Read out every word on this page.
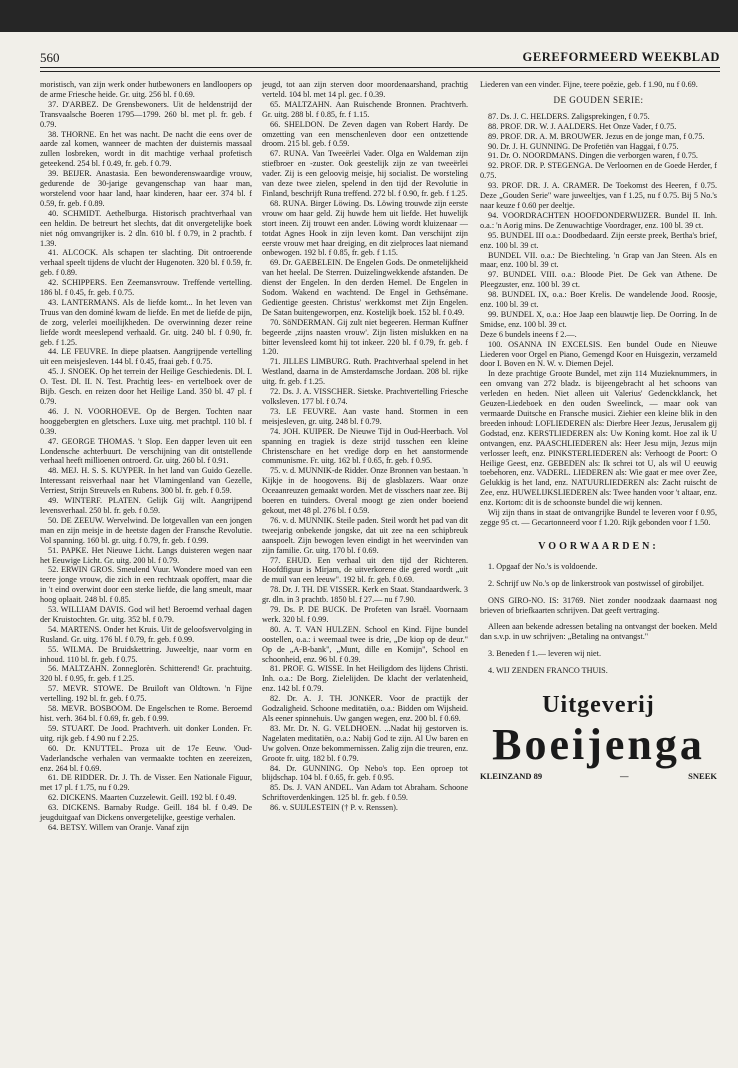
560	GEREFORMEERD WEEKBLAD

moristisch, van zijn werk onder hutbewoners en landloopers op de arme Friesche heide. Gr. uitg. 256 bl. f 0.69.

37. D'ARBEZ. De Grensbewoners. Uit de heldenstrijd der Transvaalsche Boeren 1795—1799. 260 bl. met pl. fr. geb. f 0.79.

38. THORNE. En het was nacht. De nacht die eens over de aarde zal komen, wanneer de machten der duisternis massaal zullen losbreken, wordt in dit machtige verhaal profetisch geteekend. 254 bl. f 0.49, fr. geb. f 0.79.

39. BEIJER. Anastasia. Een bewonderenswaardige vrouw, gedurende de 30-jarige gevangenschap van haar man, worstelend voor haar land, haar kinderen, haar eer. 374 bl. f 0.59, fr. geb. f 0.89.

40. SCHMIDT. Aethelburga. Historisch prachtverhaal van een heldin. De betreurt het slechts, dat dit onvergetelijke boek niet nóg omvangrijker is. 2 dln. 610 bl. f 0.79, in 2 prachtb. f 1.39.

41. ALCOCK. Als schapen ter slachting. Dit ontroerende verhaal speelt tijdens de vlucht der Hugenoten. 320 bl. f 0.59, fr. geb. f 0.89.

42. SCHIPPERS. Een Zeemansvrouw. Treffende vertelling. 186 bl. f 0.45, fr. geb. f 0.75.

43. LANTERMANS. Als de liefde komt... In het leven van Truus van den dominé kwam de liefde. En met de liefde de pijn, de zorg, velerlei moeilijkheden. De overwinning dezer reine liefde wordt meeslepend verhaald. Gr. uitg. 240 bl. f 0.90, fr. geb. f 1.25.

44. LE FEUVRE. In diepe plaatsen. Aangrijpende vertelling uit een meisjesleven. 144 bl. f 0.45, fraai geb. f 0.75.

45. J. SNOEK. Op het terrein der Heilige Geschiedenis. Dl. I. O. Test. Dl. II. N. Test. Prachtig lees- en vertelboek over de Bijb. Gesch. en reizen door het Heilige Land. 350 bl. 47 pl. f 0.79.

46. J. N. VOORHOEVE. Op de Bergen. Tochten naar hooggebergten en gletschers. Luxe uitg. met prachtpl. 110 bl. f 0.39.

47. GEORGE THOMAS. 't Slop. Een dapper leven uit een Londensche achterbuurt. De verschijning van dit ontstellende verhaal heeft millioenen ontroerd. Gr. uitg. 260 bl. f 0.91.

48. MEJ. H. S. S. KUYPER. In het land van Guido Gezelle. Interessant reisverhaal naar het Vlamingenland van Gezelle, Verriest, Strijn Streuvels en Rubens. 300 bl. fr. geb. f 0.59.

49. WINTERF. PLATEN. Gelijk Gij wilt. Aangrijpend levensverhaal. 250 bl. fr. geb. f 0.59.

50. DE ZEEUW. Wervelwind. De lotgevallen van een jongen man en zijn meisje in de heetste dagen der Fransche Revolutie. Vol spanning. 160 bl. gr. uitg. f 0.79, fr. geb. f 0.99.

51. PAPKE. Het Nieuwe Licht. Langs duisteren wegen naar het Eeuwige Licht. Gr. uitg. 200 bl. f 0.79.

52. ERWIN GROS. Smeulend Vuur. Wondere moed van een teere jonge vrouw, die zich in een rechtzaak opoffert, maar die in 't eind overwint door een sterke liefde, die lang smeult, maar hoog oplaait. 248 bl. f 0.85.

53. WILLIAM DAVIS. God wil het! Beroemd verhaal dagen der Kruistochten. Gr. uitg. 352 bl. f 0.79.

54. MARTENS. Onder het Kruis. Uit de geloofsvervolging in Rusland. Gr. uitg. 176 bl. f 0.79, fr. geb. f 0.99.

55. WILMA. De Bruidskettring. Juweeltje, naar vorm en inhoud. 110 bl. fr. geb. f 0.75.

56. MALTZAHN. Zonneglorèn. Schitterend! Gr. prachtuitg. 320 bl. f 0.95, fr. geb. f 1.25.

57. MEVR. STOWE. De Bruiloft van Oldtown. 'n Fijne vertelling. 192 bl. fr. geb. f 0.75.

58. MEVR. BOSBOOM. De Engelschen te Rome. Beroemd hist. verh. 364 bl. f 0.69, fr. geb. f 0.99.

59. STUART. De Jood. Prachtverh. uit donker Londen. Fr. uitg. rijk geb. f 4.90 nu f 2.25.

60. Dr. KNUTTEL. Proza uit de 17e Eeuw. 'Oud-Vaderlandsche verhalen van vermaakte tochten en zeereizen, enz. 264 bl. f 0.69.

61. DE RIDDER. Dr. J. Th. de Visser. Een Nationale Figuur, met 17 pl. f 1.75, nu f 0.29.

62. DICKENS. Maarten Cuzzelewit. Geill. 192 bl. f 0.49.

63. DICKENS. Barnaby Rudge. Geill. 184 bl. f 0.49. De jeugduitgaaf van Dickens onvergetelijke, geestige verhalen.

64. BETSY. Willem van Oranje. Vanaf zijn

jeugd, tot aan zijn sterven door moordenaarshand, prachtig verteld. 104 bl. met 14 pl. gec. f 0.39.

65. MALTZAHN. Aan Ruischende Bronnen. Prachtverh. Gr. uitg. 288 bl. f 0.85, fr. f 1.15.

66. SHELDON. De Zeven dagen van Robert Hardy. De omzetting van een menschenleven door een ontzettende droom. 215 bl. geb. f 0.59.

67. RUNA. Van Tweeërlei Vader. Olga en Waldeman zijn stiefbroer en -zuster. Ook geestelijk zijn ze van tweeërlei vader. Zij is een geloovig meisje, hij socialist. De worsteling van deze twee zielen, spelend in den tijd der Revolutie in Finland, beschrijft Runa treffend. 272 bl. f 0.90, fr. geb. f 1.25.

68. RUNA. Birger Löwing. Ds. Löwing trouwde zijn eerste vrouw om haar geld. Zij huwde hem uit liefde. Het huwelijk stort ineen. Zij trouwt een ander. Löwing wordt kluizenaar — totdat Agnes Hook in zijn leven komt. Dan verschijnt zijn eerste vrouw met haar dreiging, en dit zielproces laat niemand onbewogen. 192 bl. f 0.85, fr. geb. f 1.15.

69. Dr. GAEBELEIN. De Engelen Gods. De onmetelijkheid van het heelal. De Sterren. Duizelingwekkende afstanden. De dienst der Engelen. In den derden Hemel. De Engelen in Sodom. Wakend en wachtend. De Engel in Gethsémane. Gedientige geesten. Christus' werkkomst met Zijn Engelen. De Satan buitengeworpen, enz. Kostelijk boek. 152 bl. f 0.49.

70. SöNDERMAN. Gij zult niet begeeren. Herman Kuffner begeerde ,zijns naasten vrouw'. Zijn listen mislukken en na bitter levensleed komt hij tot inkeer. 220 bl. f 0.79, fr. geb. f 1.20.

71. JILLES LIMBURG. Ruth. Prachtverhaal spelend in het Westland, daarna in de Amsterdamsche Jordaan. 208 bl. rijke uitg. fr. geb. f 1.25.

72. Ds. J. A. VISSCHER. Sietske. Prachtvertelling Friesche volksleven. 177 bl. f 0.74.

73. LE FEUVRE. Aan vaste hand. Stormen in een meisjesleven, gr. uitg. 248 bl. f 0.79.

74. JOH. KUIPER. De Nieuwe Tijd in Oud-Heerbach. Vol spanning en tragiek is deze strijd tusschen een kleine Christenschare en het vredige dorp en het aanstormende communisme. Fr. uitg. 162 bl. f 0.65, fr. geb. f 0.95.

75. v. d. MUNNIK-de Ridder. Onze Bronnen van bestaan. 'n Kijkje in de hoogovens. Bij de glasblazers. Waar onze Oceaanreuzen gemaakt worden. Met de visschers naar zee. Bij boeren en tuinders. Overal moogt ge zien onder boeiend gekout, met 48 pl. 276 bl. f 0.59.

76. v. d. MUNNIK. Steile paden. Steil wordt het pad van dit tweejarig onbekende jongske, dat uit zee na een schipbreuk aanspoelt. Zijn bewogen leven eindigt in het weervinden van zijn familie. Gr. uitg. 170 bl. f 0.69.

77. EHUD. Een verhaal uit den tijd der Richteren. Hoofdfiguur is Mirjam, de uitverkorene die gered wordt „uit de muil van een leeuw". 192 bl. fr. geb. f 0.69.

78. Dr. J. TH. DE VISSER. Kerk en Staat. Standaardwerk. 3 gr. dln. in 3 prachtb. 1850 bl. f 27.— nu f 7.90.

79. Ds. P. DE BUCK. De Profeten van Israël. Voornaam werk. 320 bl. f 0.99.

80. A. T. VAN HULZEN. School en Kind. Fijne bundel oostellen, o.a.: i weemaal twee is drie, „De kiop op de deur." Op de „A-B-bank", „Munt, dille en Komijn", School en schoonheid, enz. 96 bl. f 0.39.

81. PROF. G. WISSE. In het Heiligdom des lijdens Christi. Inh. o.a.: De Borg. Zielelijden. De klacht der verlatenheid, enz. 142 bl. f 0.79.

82. Dr. A. J. TH. JONKER. Voor de practijk der Godzaligheid. Schoone meditatiën, o.a.: Bidden om Wijsheid. Als eener spinnehuis. Uw gangen wegen, enz. 200 bl. f 0.69.

83. Mr. Dr. N. G. VELDHOEN. ...Nadat hij gestorven is. Nagelaten meditatiën, o.a.: Nabij God te zijn. Al Uw baren en Uw golven. Onze bekommernissen. Zalig zijn die treuren, enz. Groote fr. uitg. 182 bl. f 0.79.

84. Dr. GUNNING. Op Nebo's top. Een oproep tot blijdschap. 104 bl. f 0.65, fr. geb. f 0.95.

85. Ds. J. VAN ANDEL. Van Adam tot Abraham. Schoone Schriftoverdenkingen. 125 bl. fr. geb. f 0.59.

86. v. SUIJLESTEIN († P. v. Renssen).

Liederen van een vinder. Fijne, teere poëzie, geb. f 1.90, nu f 0.69.

DE GOUDEN SERIE:

87. Ds. J. C. HELDERS. Zaligsprekingen, f 0.75.

88. PROF. DR. W. J. AALDERS. Het Onze Vader, f 0.75.

89. PROF. DR. A. M. BROUWER. Jezus en de jonge man, f 0.75.

90. Dr. J. H. GUNNING. De Profetiën van Haggai, f 0.75.

91. Dr. O. NOORDMANS. Dingen die verborgen waren, f 0.75.

92. PROF. DR. P. STEGENGA. De Verloornen en de Goede Herder, f 0.75.

93. PROF. DR. J. A. CRAMER. De Toekomst des Heeren, f 0.75. Deze „Gouden Serie" ware juweeltjes, van f 1.25, nu f 0.75. Bij 5 No.'s naar keuze f 0.60 per deeltje.

94. VOORDRACHTEN HOOFDONDERWIJZER. Bundel II. Inh. o.a.: 'n Aorig mins. De Zenuwachtige Voordrager, enz. 100 bl. 39 ct.

95. BUNDEL III o.a.: Doodbedaard. Zijn eerste preek, Bertha's brief, enz. 100 bl. 39 ct.

BUNDEL VII. o.a.: De Biechteling. 'n Grap van Jan Steen. Als en maar, enz. 100 bl. 39 ct.

97. BUNDEL VIII. o.a.: Bloode Piet. De Gek van Athene. De Pleegzuster, enz. 100 bl. 39 ct.

98. BUNDEL IX, o.a.: Boer Krelis. De wandelende Jood. Roosje, enz. 100 bl. 39 ct.

99. BUNDEL X, o.a.: Hoe Jaap een blauwtje liep. De Oorring. In de Smidse, enz. 100 bl. 39 ct.

Deze 6 bundels ineens f 2.—.

100. OSANNA IN EXCELSIS. Een bundel Oude en Nieuwe Liederen voor Orgel en Piano, Gemengd Koor en Huisgezin, verzameld door I. Boven en N. W. v. Diemen Dejel.

In deze prachtige Groote Bundel, met zijn 114 Muzieknummers, in een omvang van 272 bladz. is bijeengebracht al het schoons van verleden en heden. Niet alleen uit Valerius' Gedenckklanck, het Geuzen-Liedeboek en den ouden Sweelinck, — maar ook van vermaarde Duitsche en Fransche musici. Ziehier een kleine blik in den breeden inhoud: LOFLIEDEREN als: Dierbre Heer Jezus, Jerusalem gij Godstad, enz. KERSTLIEDEREN als: Uw Koning komt. Hoe zal ik U ontvangen, enz. PAASCHLIEDEREN als: Heer Jesu mijn, Jezus mijn verlosser leeft, enz. PINKSTERLIEDEREN als: Verhoogt de Poort: O Heilige Geest, enz. GEBEDEN als: Ik schrei tot U, als wil U eeuwig toebehoren, enz. VADERL. LIEDEREN als: Wie gaat er mee over Zee, Gelukkig is het land, enz. NATUURLIEDEREN als: Zacht ruischt de Zee, enz. HUWELIJKSLIEDEREN als: Twee handen voor 't altaar, enz. enz. Kortom: dit is de schoonste bundel die wij kennen.

Wij zijn thans in staat de ontvangrijke Bundel te leveren voor f 0.95, zegge 95 ct. — Gecartonneerd voor f 1.20. Rijk gebonden voor f 1.50.

VOORWAARDEN:

1. Opgaaf der No.'s is voldoende.

2. Schrijf uw No.'s op de linkerstrook van postwissel of girobiljet.

ONS GIRO-NO. IS: 31769. Niet zonder noodzaak daarnaast nog brieven of briefkaarten schrijven. Dat geeft vertraging.

Alleen aan bekende adressen betaling na ontvangst der boeken. Meld dan s.v.p. in uw schrijven: „Betaling na ontvangst."

3. Beneden f 1.— leveren wij niet.

4. WIJ ZENDEN FRANCO THUIS.

Uitgeverij
Boeijenga
KLEINZAND 89	—	SNEEK
